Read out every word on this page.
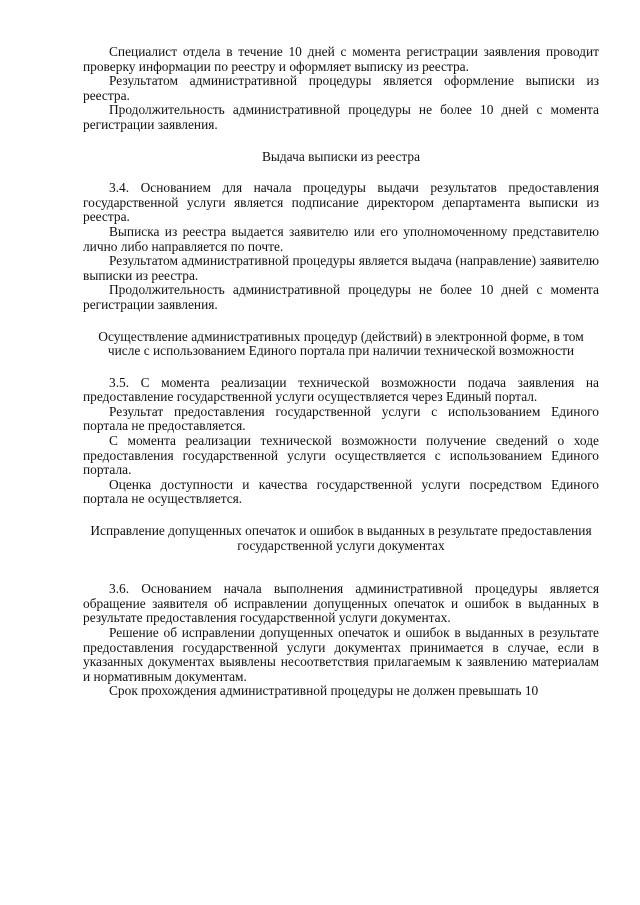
Специалист отдела в течение 10 дней с момента регистрации заявления проводит проверку информации по реестру и оформляет выписку из реестра.

Результатом административной процедуры является оформление выписки из реестра.

Продолжительность административной процедуры не более 10 дней с момента регистрации заявления.

Выдача выписки из реестра

3.4. Основанием для начала процедуры выдачи результатов предоставления государственной услуги является подписание директором департамента выписки из реестра.

Выписка из реестра выдается заявителю или его уполномоченному представителю лично либо направляется по почте.

Результатом административной процедуры является выдача (направление) заявителю выписки из реестра.

Продолжительность административной процедуры не более 10 дней с момента регистрации заявления.

Осуществление административных процедур (действий) в электронной форме, в том числе с использованием Единого портала при наличии технической возможности

3.5. С момента реализации технической возможности подача заявления на предоставление государственной услуги осуществляется через Единый портал.

Результат предоставления государственной услуги с использованием Единого портала не предоставляется.

С момента реализации технической возможности получение сведений о ходе предоставления государственной услуги осуществляется с использованием Единого портала.

Оценка доступности и качества государственной услуги посредством Единого портала не осуществляется.

Исправление допущенных опечаток и ошибок в выданных в результате предоставления государственной услуги документах

3.6. Основанием начала выполнения административной процедуры является обращение заявителя об исправлении допущенных опечаток и ошибок в выданных в результате предоставления государственной услуги документах.

Решение об исправлении допущенных опечаток и ошибок в выданных в результате предоставления государственной услуги документах принимается в случае, если в указанных документах выявлены несоответствия прилагаемым к заявлению материалам и нормативным документам.

Срок прохождения административной процедуры не должен превышать 10
